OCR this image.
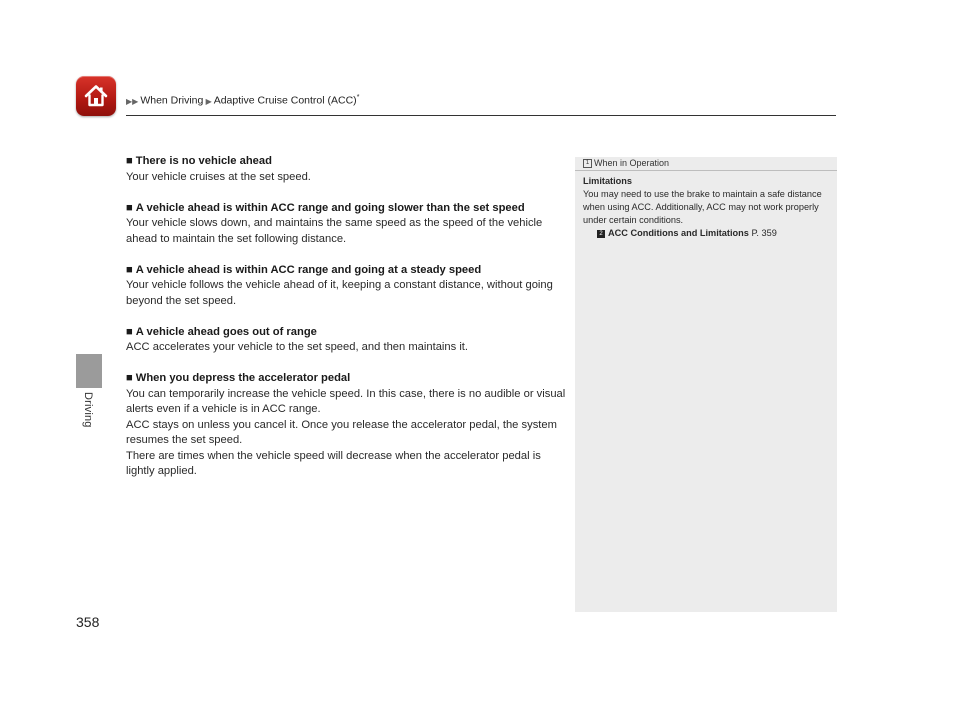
▶▶ When Driving ▶ Adaptive Cruise Control (ACC)*
Driving
358
■ There is no vehicle ahead

Your vehicle cruises at the set speed.

■ A vehicle ahead is within ACC range and going slower than the set speed

Your vehicle slows down, and maintains the same speed as the speed of the vehicle ahead to maintain the set following distance.

■ A vehicle ahead is within ACC range and going at a steady speed

Your vehicle follows the vehicle ahead of it, keeping a constant distance, without going beyond the set speed.

■ A vehicle ahead goes out of range

ACC accelerates your vehicle to the set speed, and then maintains it.

■ When you depress the accelerator pedal

You can temporarily increase the vehicle speed. In this case, there is no audible or visual alerts even if a vehicle is in ACC range.

ACC stays on unless you cancel it. Once you release the accelerator pedal, the system resumes the set speed.

There are times when the vehicle speed will decrease when the accelerator pedal is lightly applied.

1 When in Operation
Limitations

You may need to use the brake to maintain a safe distance when using ACC. Additionally, ACC may not work properly under certain conditions.

2 ACC Conditions and Limitations P. 359
